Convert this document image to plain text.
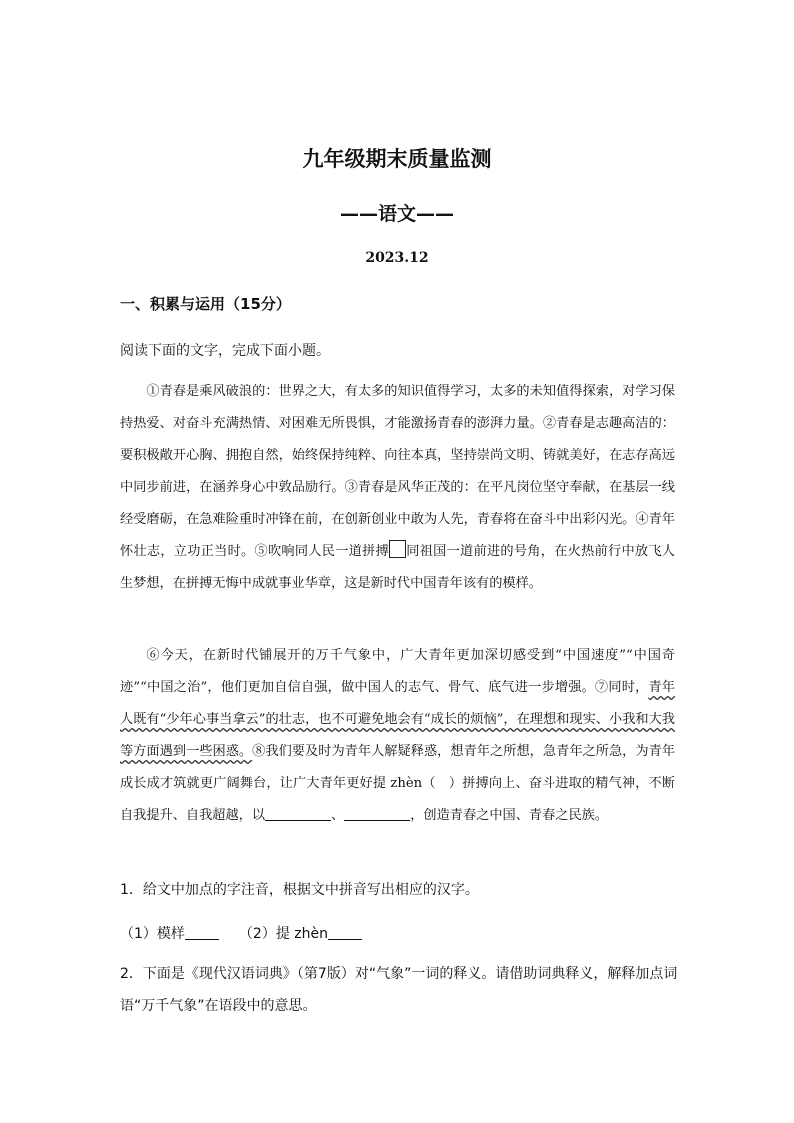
九年级期末质量监测
——语文——
2023.12
一、积累与运用（15分）
阅读下面的文字，完成下面小题。

①青春是乘风破浪的：世界之大，有太多的知识值得学习，太多的未知值得探索，对学习保持热爱、对奋斗充满热情、对困难无所畏惧，才能激扬青春的澎湃力量。②青春是志趣高洁的：要积极敞开心胸、拥抱自然，始终保持纯粹、向往本真，坚持崇尚文明、铸就美好，在志存高远中同步前进，在涵养身心中敦品励行。③青春是风华正茂的：在平凡岗位坚守奉献，在基层一线经受磨砺，在急难险重时冲锋在前，在创新创业中敢为人先，青春将在奋斗中出彩闪光。④青年怀壮志，立功正当时。⑤吹响同人民一道拼搏 同祖国一道前进的号角，在火热前行中放飞人生梦想，在拼搏无悔中成就事业华章，这是新时代中国青年该有的模样。

⑥今天，在新时代铺展开的万千气象中，广大青年更加深切感受到“中国速度”“中国奇迹”“中国之治”，他们更加自信自强，做中国人的志气、骨气、底气进一步增强。⑦同时，青年人既有“少年心事当拿云”的壮志，也不可避免地会有“成长的烦恼”，在理想和现实、小我和大我等方面遇到一些困惑。⑧我们要及时为青年人解疑释惑，想青年之所想，急青年之所急，为青年成长成才筑就更广阔舞台，让广大青年更好提 zhèn（　）拼搏向上、奋斗进取的精气神，不断自我提升、自我超越，以	、	，创造青春之中国、青春之民族。

1．给文中加点的字注音，根据文中拼音写出相应的汉字。

（1）模样	（2）提 zhèn

2．下面是《现代汉语词典》（第7版）对“气象”一词的释义。请借助词典释义，解释加点词语“万千气象”在语段中的意思。
